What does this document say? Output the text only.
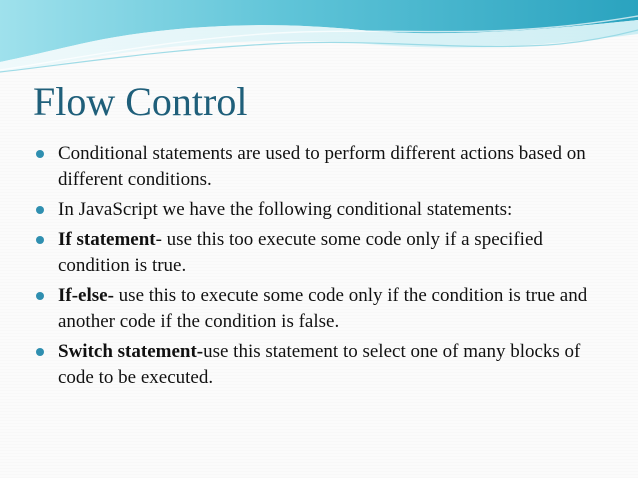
Flow Control
Conditional statements are used to perform different actions based on different conditions.
In JavaScript we have the following conditional statements:
If statement- use this too execute some code only if a specified condition is true.
If-else- use this to execute some code only if the condition is true and another code if the condition is false.
Switch statement-use this statement to select one of many blocks of code to be executed.
